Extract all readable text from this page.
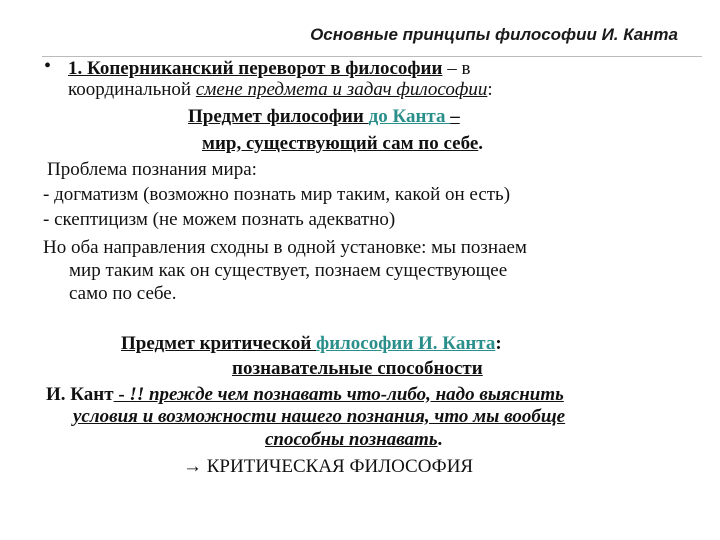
Основные принципы философии И. Канта
• 1. Коперниканский переворот в философии – в
координальной смене предмета и задач философии:
Предмет философии до Канта –
мир, существующий сам по себе.
Проблема познания мира:
- догматизм (возможно познать мир таким, какой он есть)
- скептицизм (не можем познать адекватно)
Но оба направления сходны в одной установке: мы познаем
мир таким как он существует, познаем существующее
само по себе.
Предмет критической философии И. Канта:
познавательные способности
И. Кант - !! прежде чем познавать что-либо, надо выяснить
условия и возможности нашего познания, что мы вообще
способны познавать.
→ КРИТИЧЕСКАЯ ФИЛОСОФИЯ
